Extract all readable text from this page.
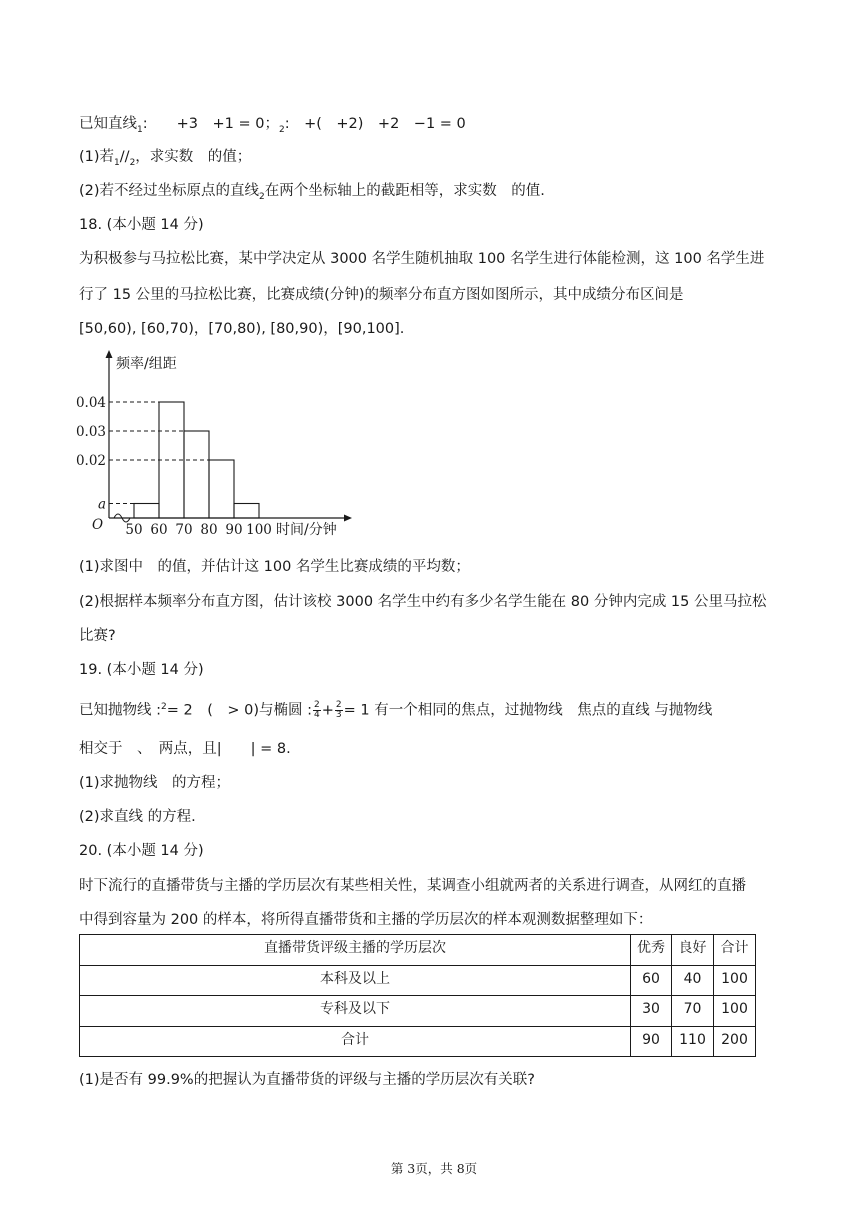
已知直线$_1$:　　+3　+1 = 0；$_2$:　+(　+2)　+2　−1 = 0
(1)若$_1//_2$，求实数　的值；
(2)若不经过坐标原点的直线$_2$在两个坐标轴上的截距相等，求实数　的值.
18. (本小题 14 分)
为积极参与马拉松比赛，某中学决定从 3000 名学生随机抽取 100 名学生进行体能检测，这 100 名学生进
行了 15 公里的马拉松比赛，比赛成绩(分钟)的频率分布直方图如图所示，其中成绩分布区间是
[50,60), [60,70)，[70,80), [80,90)，[90,100].
O
频率/组距
时间/分钟
a
0.02
0.03
0.04
50 60 70 80 90 100
(1)求图中　的值，并估计这 100 名学生比赛成绩的平均数；
(2)根据样本频率分布直方图，估计该校 3000 名学生中约有多少名学生能在 80 分钟内完成 15 公里马拉松
比赛?
19. (本小题 14 分)
已知抛物线 :$^2$= 2　(　> 0)与椭圆 : $\frac{2}{4} + \frac{2}{3} = 1$ 有一个相同的焦点，过抛物线　焦点的直线 与抛物线
相交于　、　两点，且|　　| = 8.
(1)求抛物线　的方程；
(2)求直线 的方程.
20. (本小题 14 分)
时下流行的直播带货与主播的学历层次有某些相关性，某调查小组就两者的关系进行调查，从网红的直播
中得到容量为 200 的样本，将所得直播带货和主播的学历层次的样本观测数据整理如下：
直播带货评级主播的学历层次	优秀	良好	合计
本科及以上	60	40	100
专科及以下	30	70	100
合计	90	110	200
(1)是否有 99.9%的把握认为直播带货的评级与主播的学历层次有关联?
第 3页，共 8页
